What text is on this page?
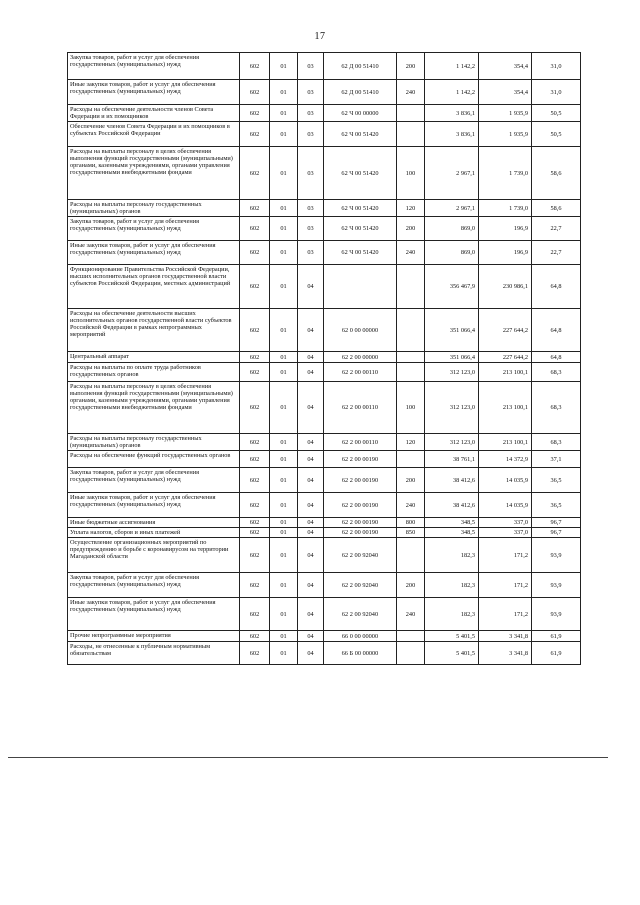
17
Закупка товаров, работ и услуг для обеспечения государственных (муниципальных) нужд	602	01	03	62 Д 00 51410	200	1 142,2	354,4	31,0
Иные закупки товаров, работ и услуг для обеспечения государственных (муниципальных) нужд	602	01	03	62 Д 00 51410	240	1 142,2	354,4	31,0
Расходы на обеспечение деятельности членов Совета Федерации и их помощников	602	01	03	62 Ч 00 00000		3 836,1	1 935,9	50,5
Обеспечение членов Совета Федерации и их помощников в субъектах Российской Федерации	602	01	03	62 Ч 00 51420		3 836,1	1 935,9	50,5
Расходы на выплаты персоналу в целях обеспечения выполнения функций государственными (муниципальными) органами, казенными учреждениями, органами управления государственными внебюджетными фондами	602	01	03	62 Ч 00 51420	100	2 967,1	1 739,0	58,6
Расходы на выплаты персоналу государственных (муниципальных) органов	602	01	03	62 Ч 00 51420	120	2 967,1	1 739,0	58,6
Закупка товаров, работ и услуг для обеспечения государственных (муниципальных) нужд	602	01	03	62 Ч 00 51420	200	869,0	196,9	22,7
Иные закупки товаров, работ и услуг для обеспечения государственных (муниципальных) нужд	602	01	03	62 Ч 00 51420	240	869,0	196,9	22,7
Функционирование Правительства Российской Федерации, высших исполнительных органов государственной власти субъектов Российской Федерации, местных администраций	602	01	04			356 467,9	230 986,1	64,8
Расходы на обеспечение деятельности высших исполнительных органов государственной власти субъектов Российской Федерации в рамках непрограммных мероприятий	602	01	04	62 0 00 00000		351 066,4	227 644,2	64,8
Центральный аппарат	602	01	04	62 2 00 00000		351 066,4	227 644,2	64,8
Расходы на выплаты по оплате труда работников государственных органов	602	01	04	62 2 00 00110		312 123,0	213 100,1	68,3
Расходы на выплаты персоналу в целях обеспечения выполнения функций государственными (муниципальными) органами, казенными учреждениями, органами управления государственными внебюджетными фондами	602	01	04	62 2 00 00110	100	312 123,0	213 100,1	68,3
Расходы на выплаты персоналу государственных (муниципальных) органов	602	01	04	62 2 00 00110	120	312 123,0	213 100,1	68,3
Расходы на обеспечение функций государственных органов	602	01	04	62 2 00 00190		38 761,1	14 372,9	37,1
Закупка товаров, работ и услуг для обеспечения государственных (муниципальных) нужд	602	01	04	62 2 00 00190	200	38 412,6	14 035,9	36,5
Иные закупки товаров, работ и услуг для обеспечения государственных (муниципальных) нужд	602	01	04	62 2 00 00190	240	38 412,6	14 035,9	36,5
Иные бюджетные ассигнования	602	01	04	62 2 00 00190	800	348,5	337,0	96,7
Уплата налогов, сборов и иных платежей	602	01	04	62 2 00 00190	850	348,5	337,0	96,7
Осуществление организационных мероприятий по предупреждению и борьбе с коронавирусом на территории Магаданской области	602	01	04	62 2 00 92040		182,3	171,2	93,9
Закупка товаров, работ и услуг для обеспечения государственных (муниципальных) нужд	602	01	04	62 2 00 92040	200	182,3	171,2	93,9
Иные закупки товаров, работ и услуг для обеспечения государственных (муниципальных) нужд	602	01	04	62 2 00 92040	240	182,3	171,2	93,9
Прочие непрограммные мероприятия	602	01	04	66 0 00 00000		5 401,5	3 341,8	61,9
Расходы, не отнесенные к публичным нормативным обязательствам	602	01	04	66 Б 00 00000		5 401,5	3 341,8	61,9
